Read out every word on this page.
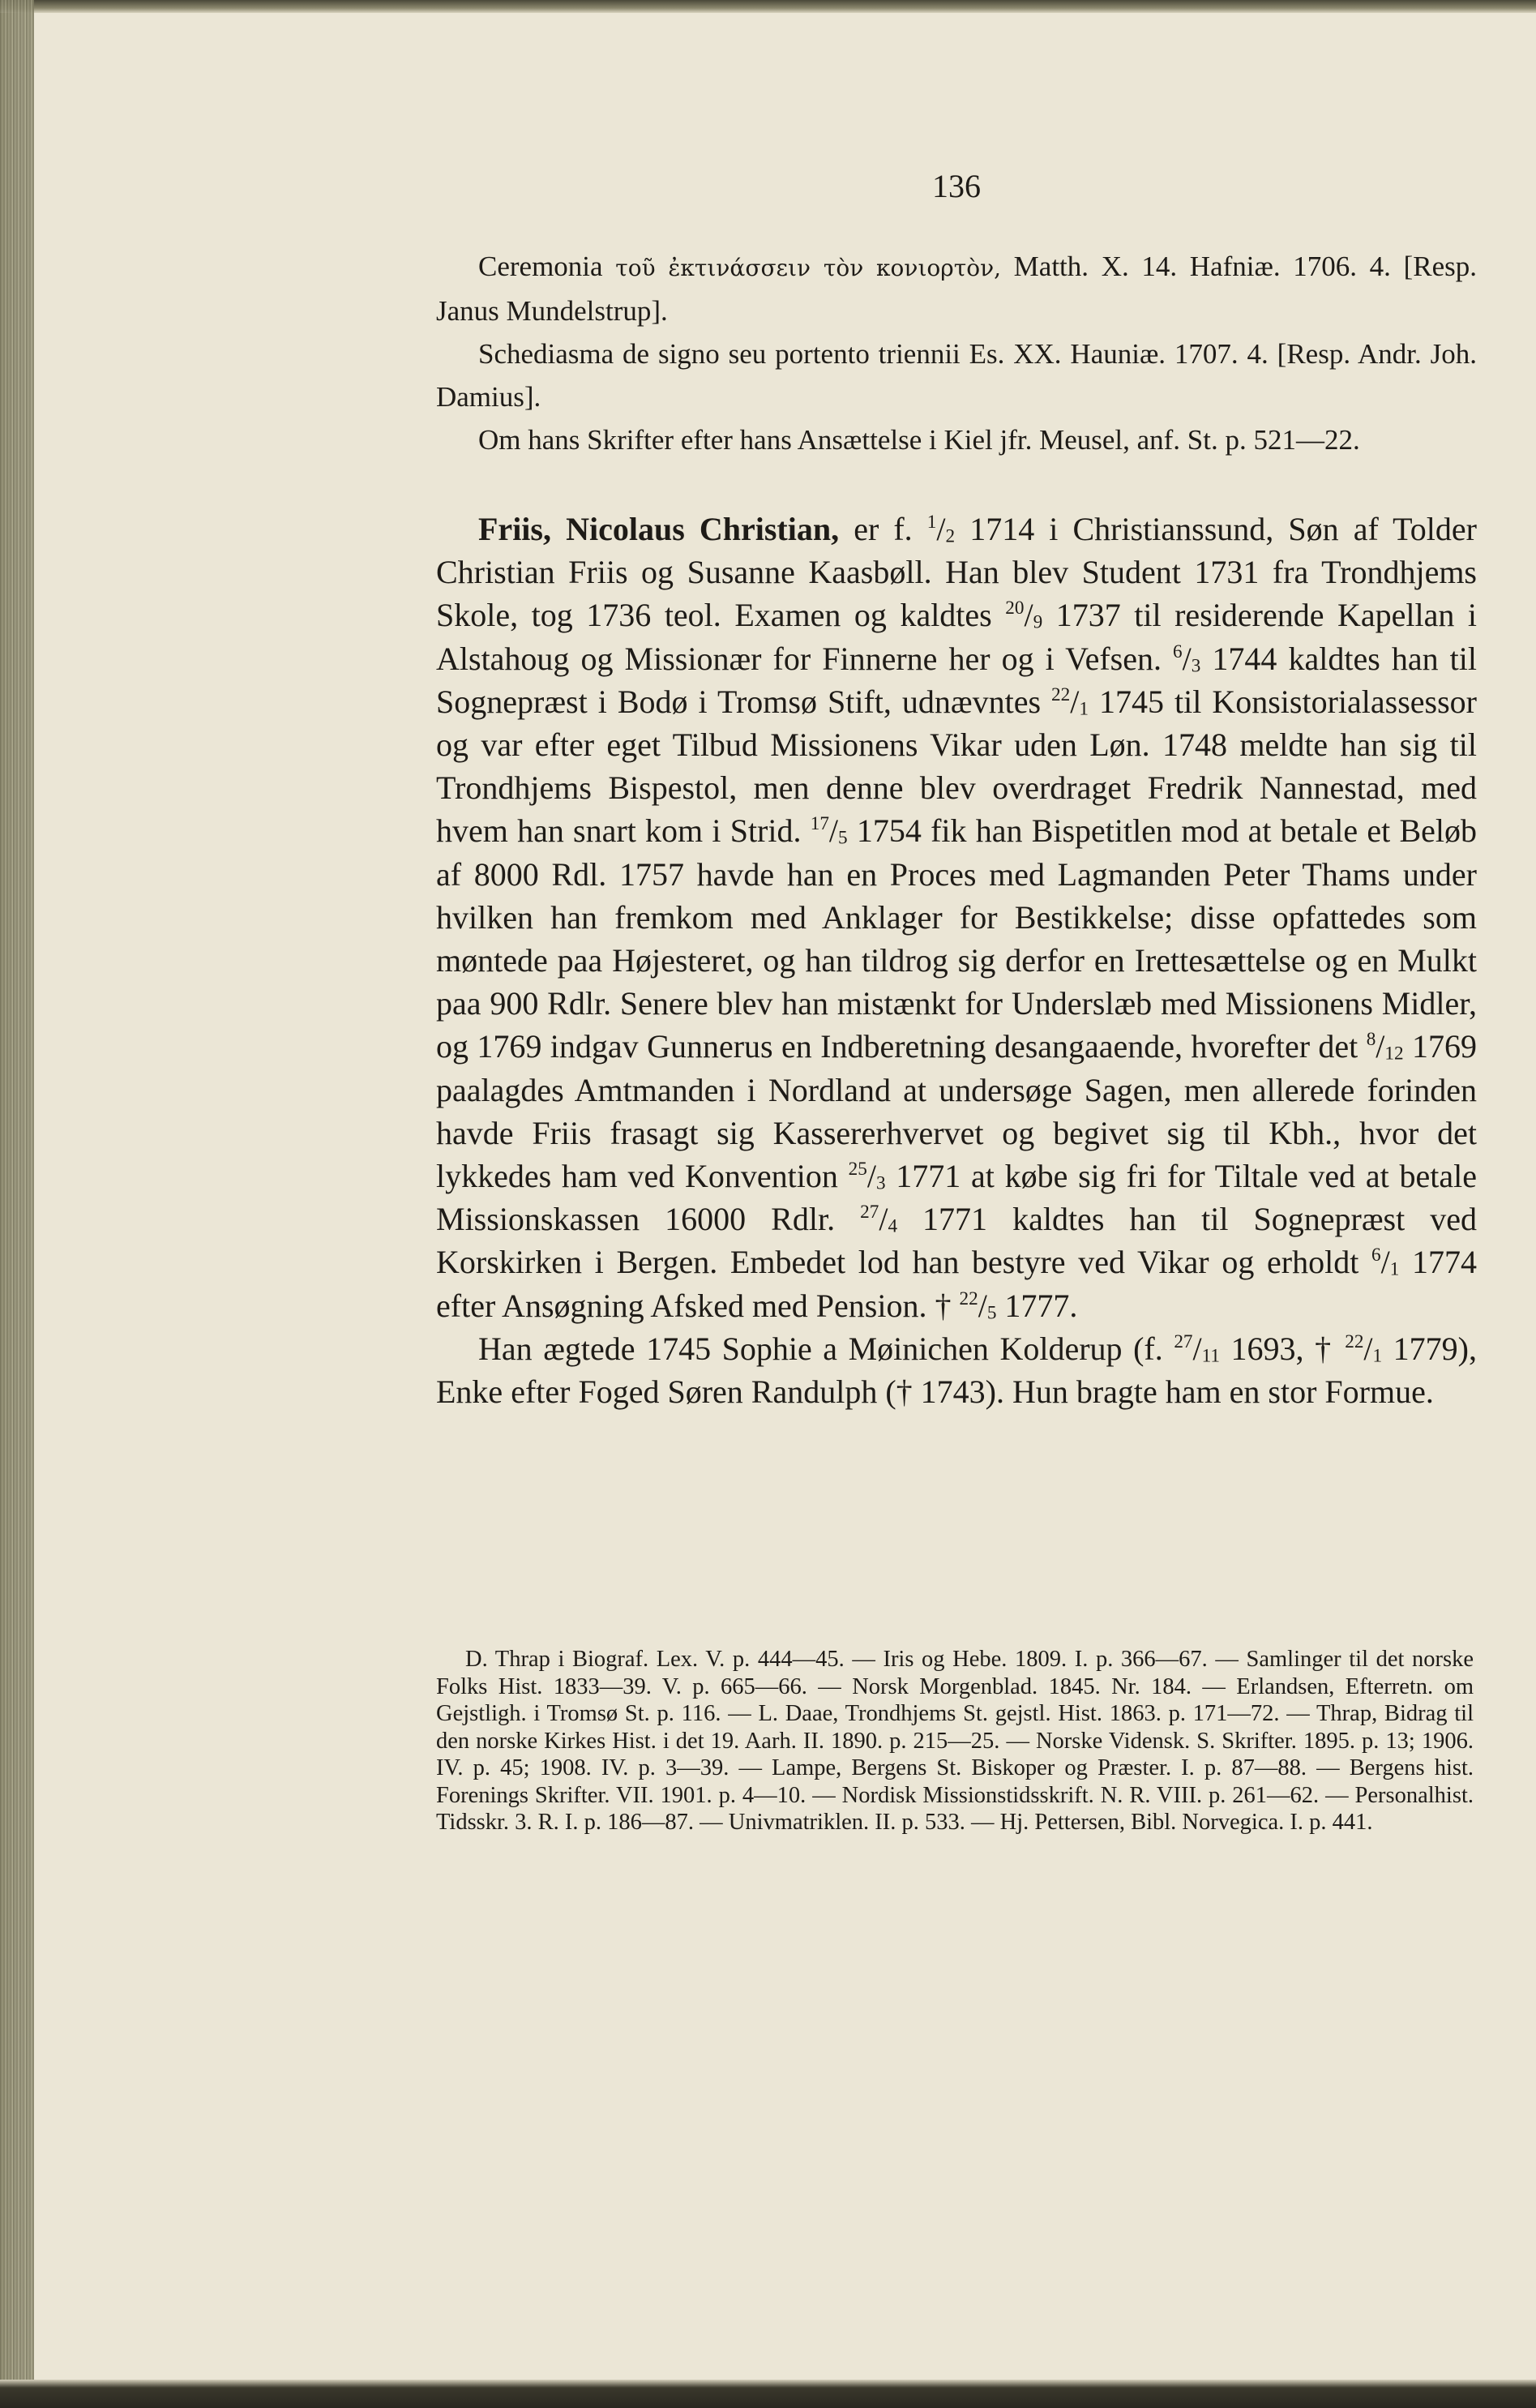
136

Ceremonia τοῦ ἐκτινάσσειν τὸν κονιορτὸν, Matth. X. 14. Hafniæ. 1706. 4. [Resp. Janus Mundelstrup].

Schediasma de signo seu portento triennii Es. XX. Hauniæ. 1707. 4. [Resp. Andr. Joh. Damius].

Om hans Skrifter efter hans Ansættelse i Kiel jfr. Meusel, anf. St. p. 521—22.

Friis, Nicolaus Christian, er f. $^1/_2$ 1714 i Christianssund, Søn af Tolder Christian Friis og Susanne Kaasbøll. Han blev Student 1731 fra Trondhjems Skole, tog 1736 teol. Examen og kaldtes $^{20}/_9$ 1737 til residerende Kapellan i Alstahoug og Missionær for Finnerne her og i Vefsen. $^6/_3$ 1744 kaldtes han til Sognepræst i Bodø i Tromsø Stift, udnævntes $^{22}/_1$ 1745 til Konsistorialassessor og var efter eget Tilbud Missionens Vikar uden Løn. 1748 meldte han sig til Trondhjems Bispestol, men denne blev overdraget Fredrik Nannestad, med hvem han snart kom i Strid. $^{17}/_5$ 1754 fik han Bispetitlen mod at betale et Beløb af 8000 Rdl. 1757 havde han en Proces med Lagmanden Peter Thams under hvilken han fremkom med Anklager for Bestikkelse; disse opfattedes som møntede paa Højesteret, og han tildrog sig derfor en Irettesættelse og en Mulkt paa 900 Rdlr. Senere blev han mistænkt for Underslæb med Missionens Midler, og 1769 indgav Gunnerus en Indberetning desangaaende, hvorefter $\det ^8/_{12}$ 1769 paalagdes Amtmanden i Nordland at undersøge Sagen, men allerede forinden havde Friis frasagt sig Kassererhvervet og begivet sig til Kbh., hvor det lykkedes ham ved Konvention $^{25}/_3$ 1771 at købe sig fri for Tiltale ved at betale Missionskassen 16000 Rdlr. $^{27}/_4$ 1771 kaldtes han til Sognepræst ved Korskirken i Bergen. Embedet lod han bestyre ved Vikar og erholdt $^6/_1$ 1774 efter Ansøgning Afsked med Pension. † $^{22}/_5$ 1777.

Han ægtede 1745 Sophie a Møinichen Kolderup (f. $^{27}/_{11}$ 1693, † $^{22}/_1$ 1779), Enke efter Foged Søren Randulph († 1743). Hun bragte ham en stor Formue.

D. Thrap i Biograf. Lex. V. p. 444—45. — Iris og Hebe. 1809. I. p. 366—67. — Samlinger til det norske Folks Hist. 1833—39. V. p. 665—66. — Norsk Morgenblad. 1845. Nr. 184. — Erlandsen, Efterretn. om Gejstligh. i Tromsø St. p. 116. — L. Daae, Trondhjems St. gejstl. Hist. 1863. p. 171—72. — Thrap, Bidrag til den norske Kirkes Hist. i det 19. Aarh. II. 1890. p. 215—25. — Norske Vidensk. S. Skrifter. 1895. p. 13; 1906. IV. p. 45; 1908. IV. p. 3—39. — Lampe, Bergens St. Biskoper og Præster. I. p. 87—88. — Bergens hist. Forenings Skrifter. VII. 1901. p. 4—10. — Nordisk Missionstidsskrift. N. R. VIII. p. 261—62. — Personalhist. Tidsskr. 3. R. I. p. 186—87. — Univmatriklen. II. p. 533. — Hj. Pettersen, Bibl. Norvegica. I. p. 441.
